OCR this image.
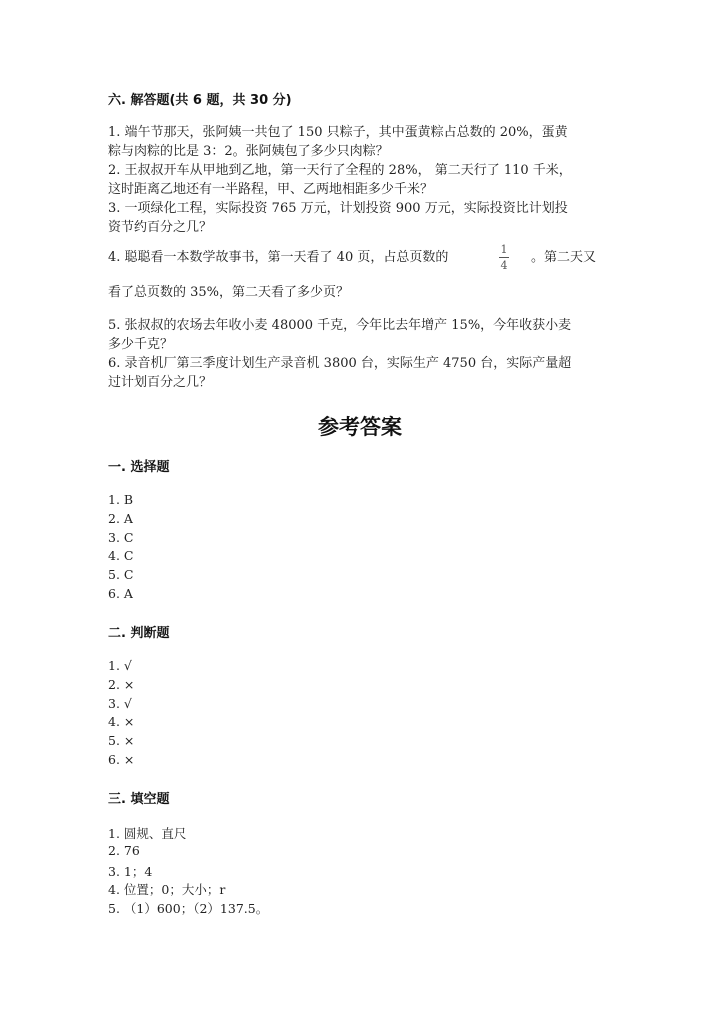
六. 解答题(共 6 题，共 30 分)
1. 端午节那天，张阿姨一共包了 150 只粽子，其中蛋黄粽占总数的 20%，蛋黄
粽与肉粽的比是 3：2。张阿姨包了多少只肉粽？
2. 王叔叔开车从甲地到乙地，第一天行了全程的 28%， 第二天行了 110 千米，
这时距离乙地还有一半路程，甲、乙两地相距多少千米？
3. 一项绿化工程，实际投资 765 万元，计划投资 900 万元，实际投资比计划投
资节约百分之几？
4. 聪聪看一本数学故事书，第一天看了 40 页，占总页数的
1
4
。第二天又
看了总页数的 35%，第二天看了多少页？
5. 张叔叔的农场去年收小麦 48000 千克，今年比去年增产 15%，今年收获小麦
多少千克？
6. 录音机厂第三季度计划生产录音机 3800 台，实际生产 4750 台，实际产量超
过计划百分之几？
参考答案
一. 选择题
1. B
2. A
3. C
4. C
5. C
6. A
二. 判断题
1. √
2. ×
3. √
4. ×
5. ×
6. ×
三. 填空题
1. 圆规、直尺
2. 76
3. 1；4
4. 位置；0；大小；r
5. （1）600；（2）137.5。
